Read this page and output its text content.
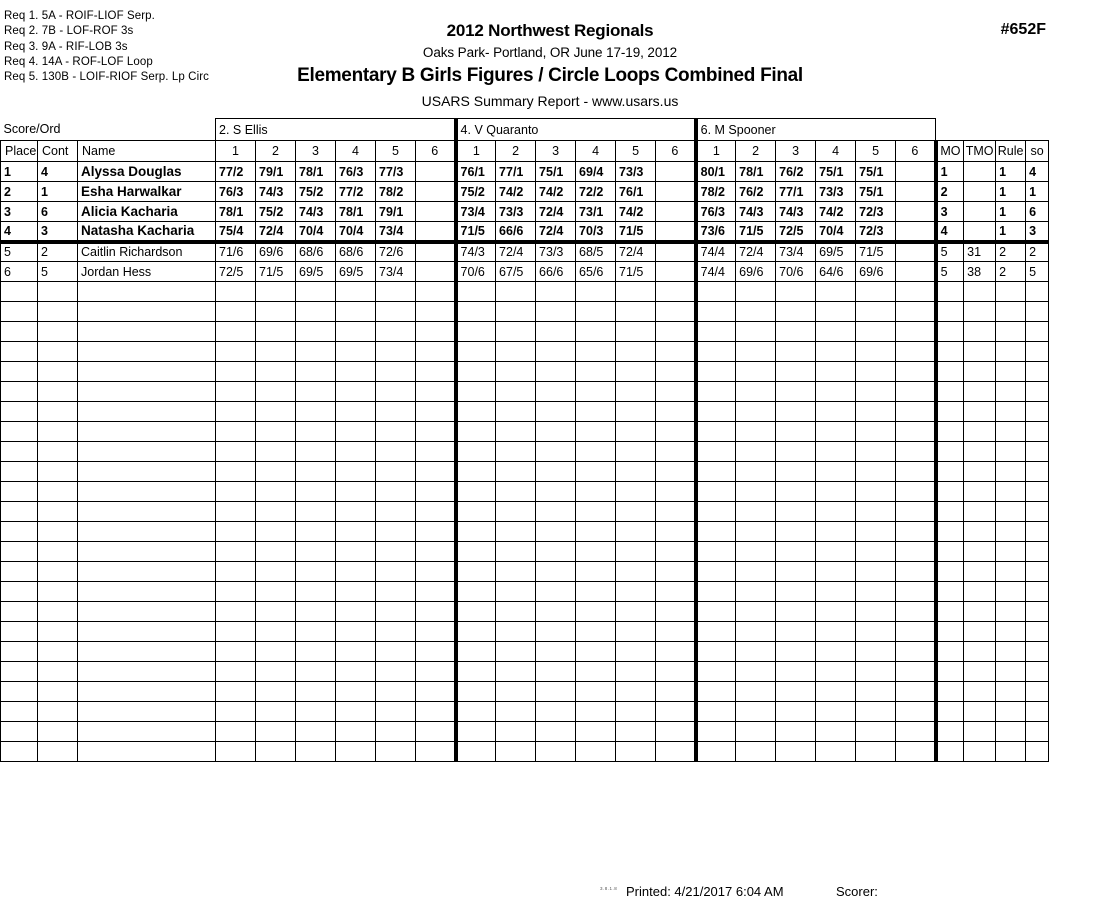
Req 1. 5A - ROIF-LIOF Serp.
Req 2. 7B - LOF-ROF 3s
Req 3. 9A - RIF-LOB 3s
Req 4. 14A - ROF-LOF Loop
Req 5. 130B - LOIF-RIOF Serp. Lp Circ
2012 Northwest Regionals
Oaks Park- Portland, OR June 17-19, 2012
Elementary B Girls Figures / Circle Loops Combined Final
USARS Summary Report - www.usars.us
#652F
Score/Ord			2. S Ellis						4. V Quaranto						6. M Spooner									
Place	Cont	Name	1	2	3	4	5	6	1	2	3	4	5	6	1	2	3	4	5	6	MO	TMO	Rule	so
1	4	Alyssa Douglas	77/2	79/1	78/1	76/3	77/3		76/1	77/1	75/1	69/4	73/3		80/1	78/1	76/2	75/1	75/1		1		1	4
2	1	Esha Harwalkar	76/3	74/3	75/2	77/2	78/2		75/2	74/2	74/2	72/2	76/1		78/2	76/2	77/1	73/3	75/1		2		1	1
3	6	Alicia Kacharia	78/1	75/2	74/3	78/1	79/1		73/4	73/3	72/4	73/1	74/2		76/3	74/3	74/3	74/2	72/3		3		1	6
4	3	Natasha Kacharia	75/4	72/4	70/4	70/4	73/4		71/5	66/6	72/4	70/3	71/5		73/6	71/5	72/5	70/4	72/3		4		1	3
5	2	Caitlin Richardson	71/6	69/6	68/6	68/6	72/6		74/3	72/4	73/3	68/5	72/4		74/4	72/4	73/4	69/5	71/5		5	31	2	2
6	5	Jordan Hess	72/5	71/5	69/5	69/5	73/4		70/6	67/5	66/6	65/6	71/5		74/4	69/6	70/6	64/6	69/6		5	38	2	5

3.8.1.8 Printed: 4/21/2017 6:04 AM	Scorer:
